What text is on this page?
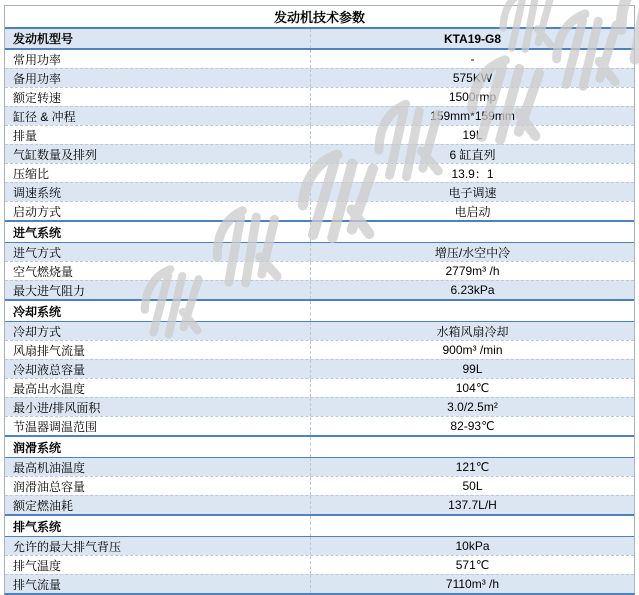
发动机技术参数
发动机型号	KTA19-G8
常用功率	-
备用功率	575KW
额定转速	1500rmp
缸径 & 冲程	159mm*159mm
排量	19L
气缸数量及排列	6 缸直列
压缩比	13.9：1
调速系统	电子调速
启动方式	电启动
进气系统
进气方式	增压/水空中冷
空气燃烧量	2779m³ /h
最大进气阻力	6.23kPa
冷却系统
冷却方式	水箱风扇冷却
风扇排气流量	900m³ /min
冷却液总容量	99L
最高出水温度	104℃
最小进/排风面积	3.0/2.5m²
节温器调温范围	82-93℃
润滑系统
最高机油温度	121℃
润滑油总容量	50L
额定燃油耗	137.7L/H
排气系统
允许的最大排气背压	10kPa
排气温度	571℃
排气流量	7110m³ /h
